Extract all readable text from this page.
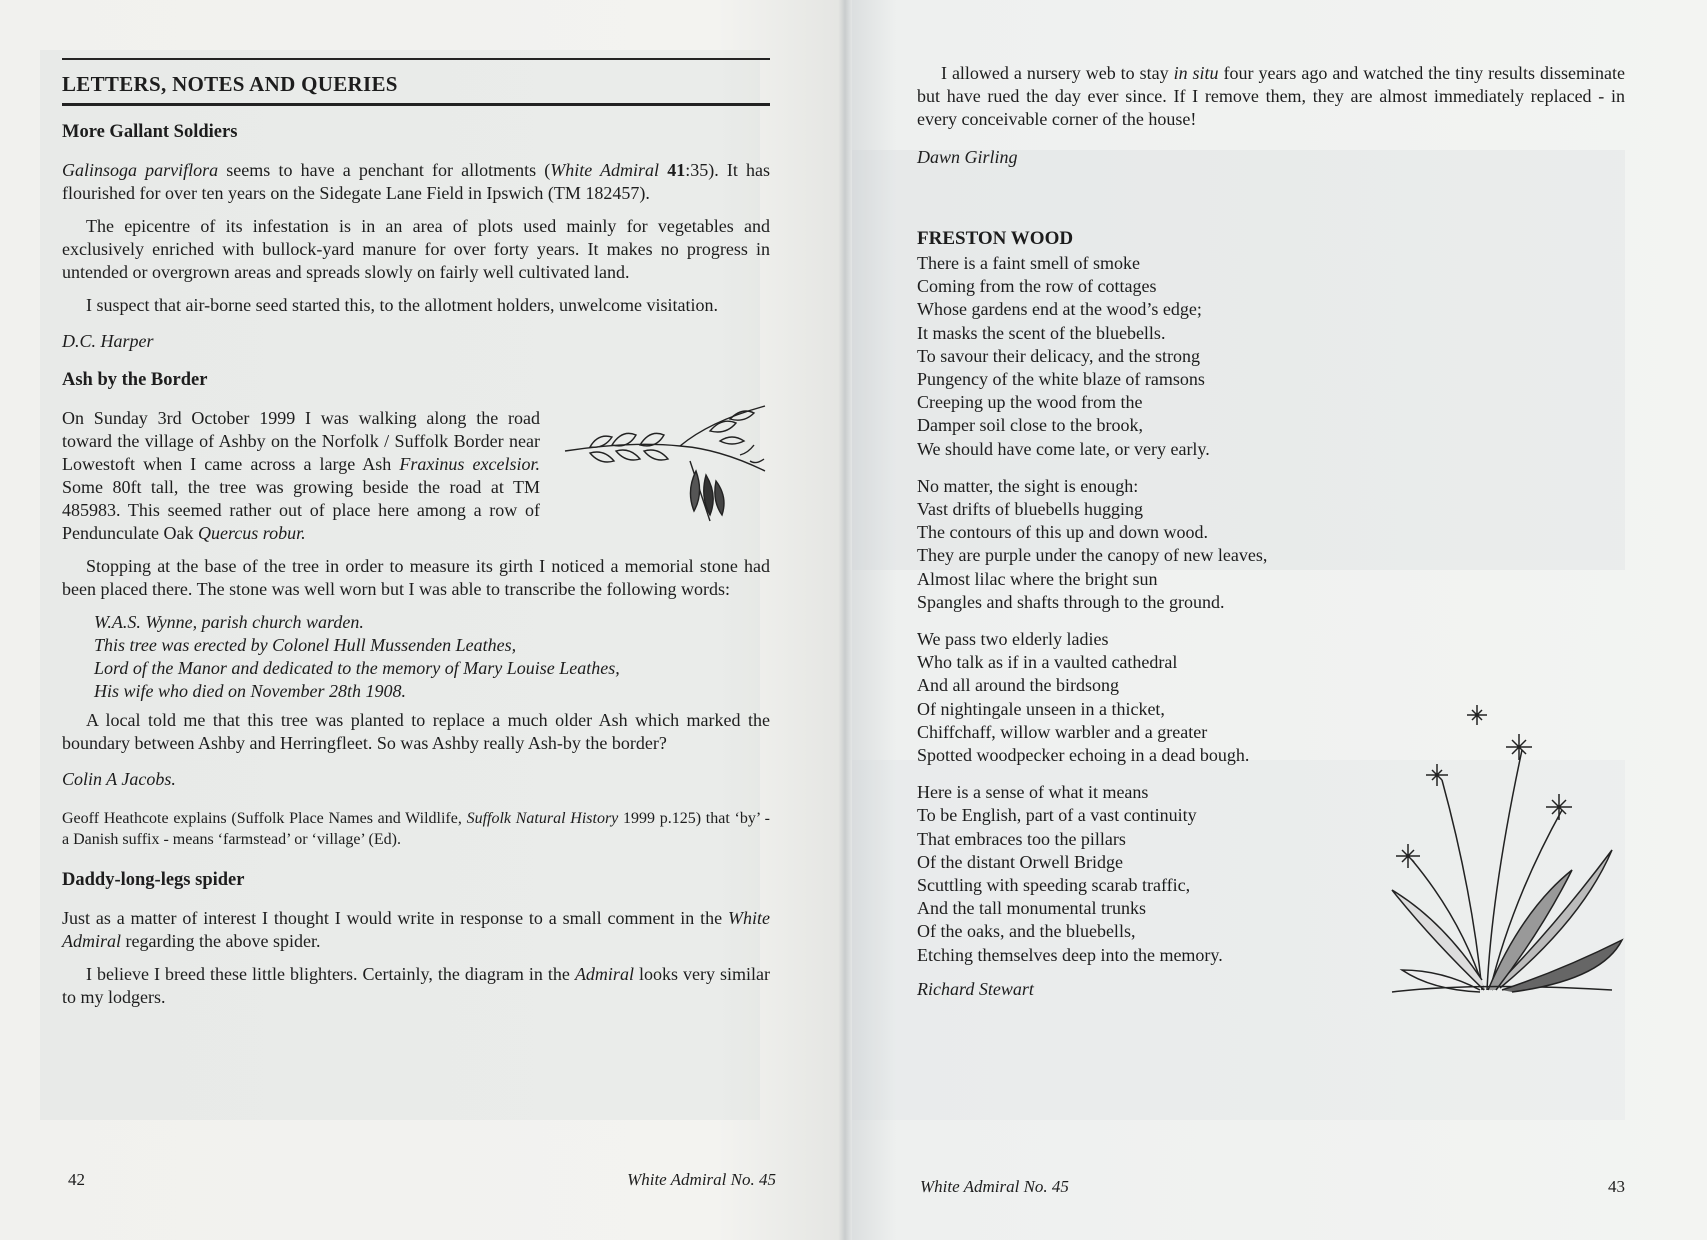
LETTERS, NOTES AND QUERIES
More Gallant Soldiers

Galinsoga parviflora seems to have a penchant for allotments (White Admiral 41:35). It has flourished for over ten years on the Sidegate Lane Field in Ipswich (TM 182457).

The epicentre of its infestation is in an area of plots used mainly for vegetables and exclusively enriched with bullock-yard manure for over forty years. It makes no progress in untended or overgrown areas and spreads slowly on fairly well cultivated land.

I suspect that air-borne seed started this, to the allotment holders, unwelcome visitation.

D.C. Harper
Ash by the Border

On Sunday 3rd October 1999 I was walking along the road toward the village of Ashby on the Norfolk / Suffolk Border near Lowestoft when I came across a large Ash Fraxinus excelsior. Some 80ft tall, the tree was growing beside the road at TM 485983. This seemed rather out of place here among a row of Pendunculate Oak Quercus robur.

Stopping at the base of the tree in order to measure its girth I noticed a memorial stone had been placed there. The stone was well worn but I was able to transcribe the following words:

W.A.S. Wynne, parish church warden.
This tree was erected by Colonel Hull Mussenden Leathes,
Lord of the Manor and dedicated to the memory of Mary Louise Leathes,
His wife who died on November 28th 1908.

A local told me that this tree was planted to replace a much older Ash which marked the boundary between Ashby and Herringfleet. So was Ashby really Ash-by the border?

Colin A Jacobs.

Geoff Heathcote explains (Suffolk Place Names and Wildlife, Suffolk Natural History 1999 p.125) that ‘by’ - a Danish suffix - means ‘farmstead’ or ‘village’ (Ed).

Daddy-long-legs spider

Just as a matter of interest I thought I would write in response to a small comment in the White Admiral regarding the above spider.

I believe I breed these little blighters. Certainly, the diagram in the Admiral looks very similar to my lodgers.

42	White Admiral No. 45

I allowed a nursery web to stay in situ four years ago and watched the tiny results disseminate but have rued the day ever since. If I remove them, they are almost immediately replaced - in every conceivable corner of the house!

Dawn Girling
FRESTON WOOD
There is a faint smell of smoke
Coming from the row of cottages
Whose gardens end at the wood’s edge;
It masks the scent of the bluebells.
To savour their delicacy, and the strong
Pungency of the white blaze of ramsons
Creeping up the wood from the
Damper soil close to the brook,
We should have come late, or very early.
No matter, the sight is enough:
Vast drifts of bluebells hugging
The contours of this up and down wood.
They are purple under the canopy of new leaves,
Almost lilac where the bright sun
Spangles and shafts through to the ground.
We pass two elderly ladies
Who talk as if in a vaulted cathedral
And all around the birdsong
Of nightingale unseen in a thicket,
Chiffchaff, willow warbler and a greater
Spotted woodpecker echoing in a dead bough.
Here is a sense of what it means
To be English, part of a vast continuity
That embraces too the pillars
Of the distant Orwell Bridge
Scuttling with speeding scarab traffic,
And the tall monumental trunks
Of the oaks, and the bluebells,
Etching themselves deep into the memory.
Richard Stewart
White Admiral No. 45	43
